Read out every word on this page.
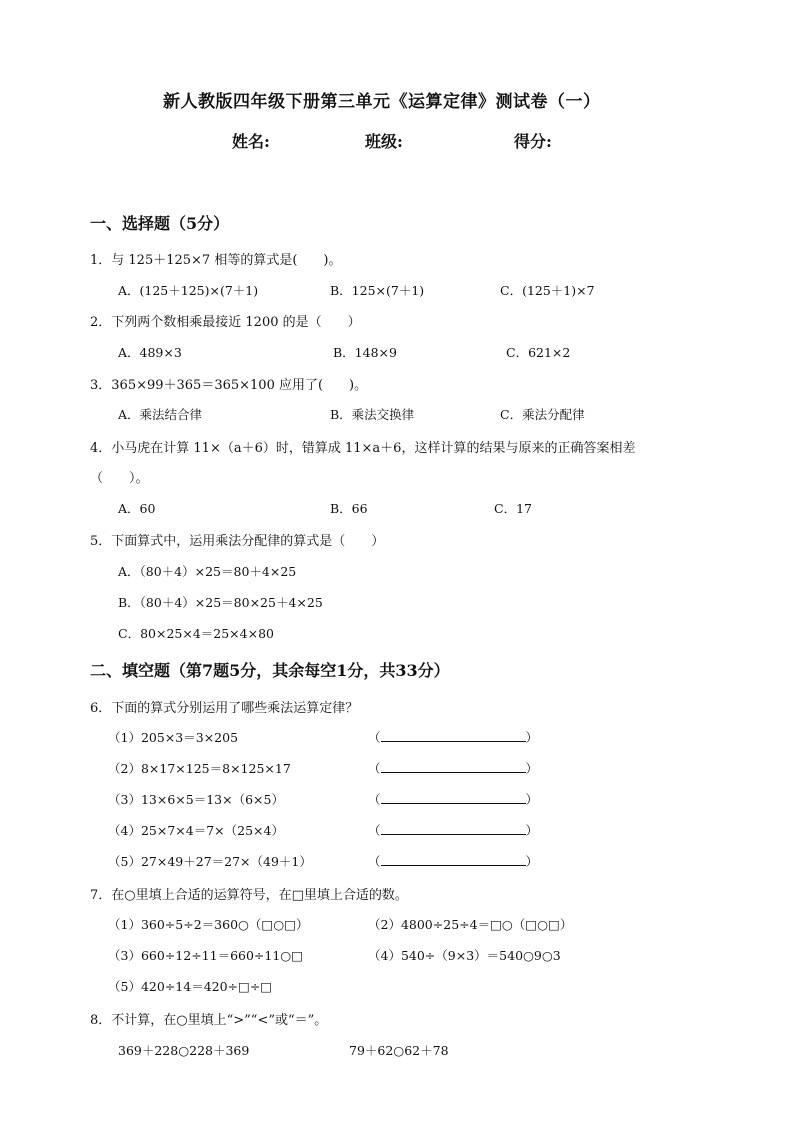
新人教版四年级下册第三单元《运算定律》测试卷（一）
姓名:	班级:	得分:
一、选择题（5分）
1．与 125＋125×7 相等的算式是(　　)。
A．(125＋125)×(7＋1)	B．125×(7＋1)	C．(125＋1)×7
2．下列两个数相乘最接近 1200 的是（　　）
A．489×3	B．148×9	C．621×2
3．365×99＋365＝365×100 应用了(　　)。
A．乘法结合律	B．乘法交换律	C．乘法分配律
4．小马虎在计算 11×（a＋6）时，错算成 11×a＋6，这样计算的结果与原来的正确答案相差
（　　）。
A．60	B．66	C．17
5．下面算式中，运用乘法分配律的算式是（　　）
A．（80＋4）×25＝80＋4×25
B．（80＋4）×25＝80×25＋4×25
C．80×25×4＝25×4×80
二、填空题（第7题5分，其余每空1分，共33分）
6．下面的算式分别运用了哪些乘法运算定律？
（1）205×3＝3×205	（	）
（2）8×17×125＝8×125×17	（	）
（3）13×6×5＝13×（6×5）	（	）
（4）25×7×4＝7×（25×4）	（	）
（5）27×49＋27＝27×（49＋1）	（	）
7．在○里填上合适的运算符号，在□里填上合适的数。
（1）360÷5÷2＝360○（□○□）	（2）4800÷25÷4＝□○（□○□）
（3）660÷12÷11＝660÷11○□	（4）540÷（9×3）＝540○9○3
（5）420÷14＝420÷□÷□
8．不计算，在○里填上“>”“<”或“＝”。
369＋228○228＋369	79＋62○62＋78
